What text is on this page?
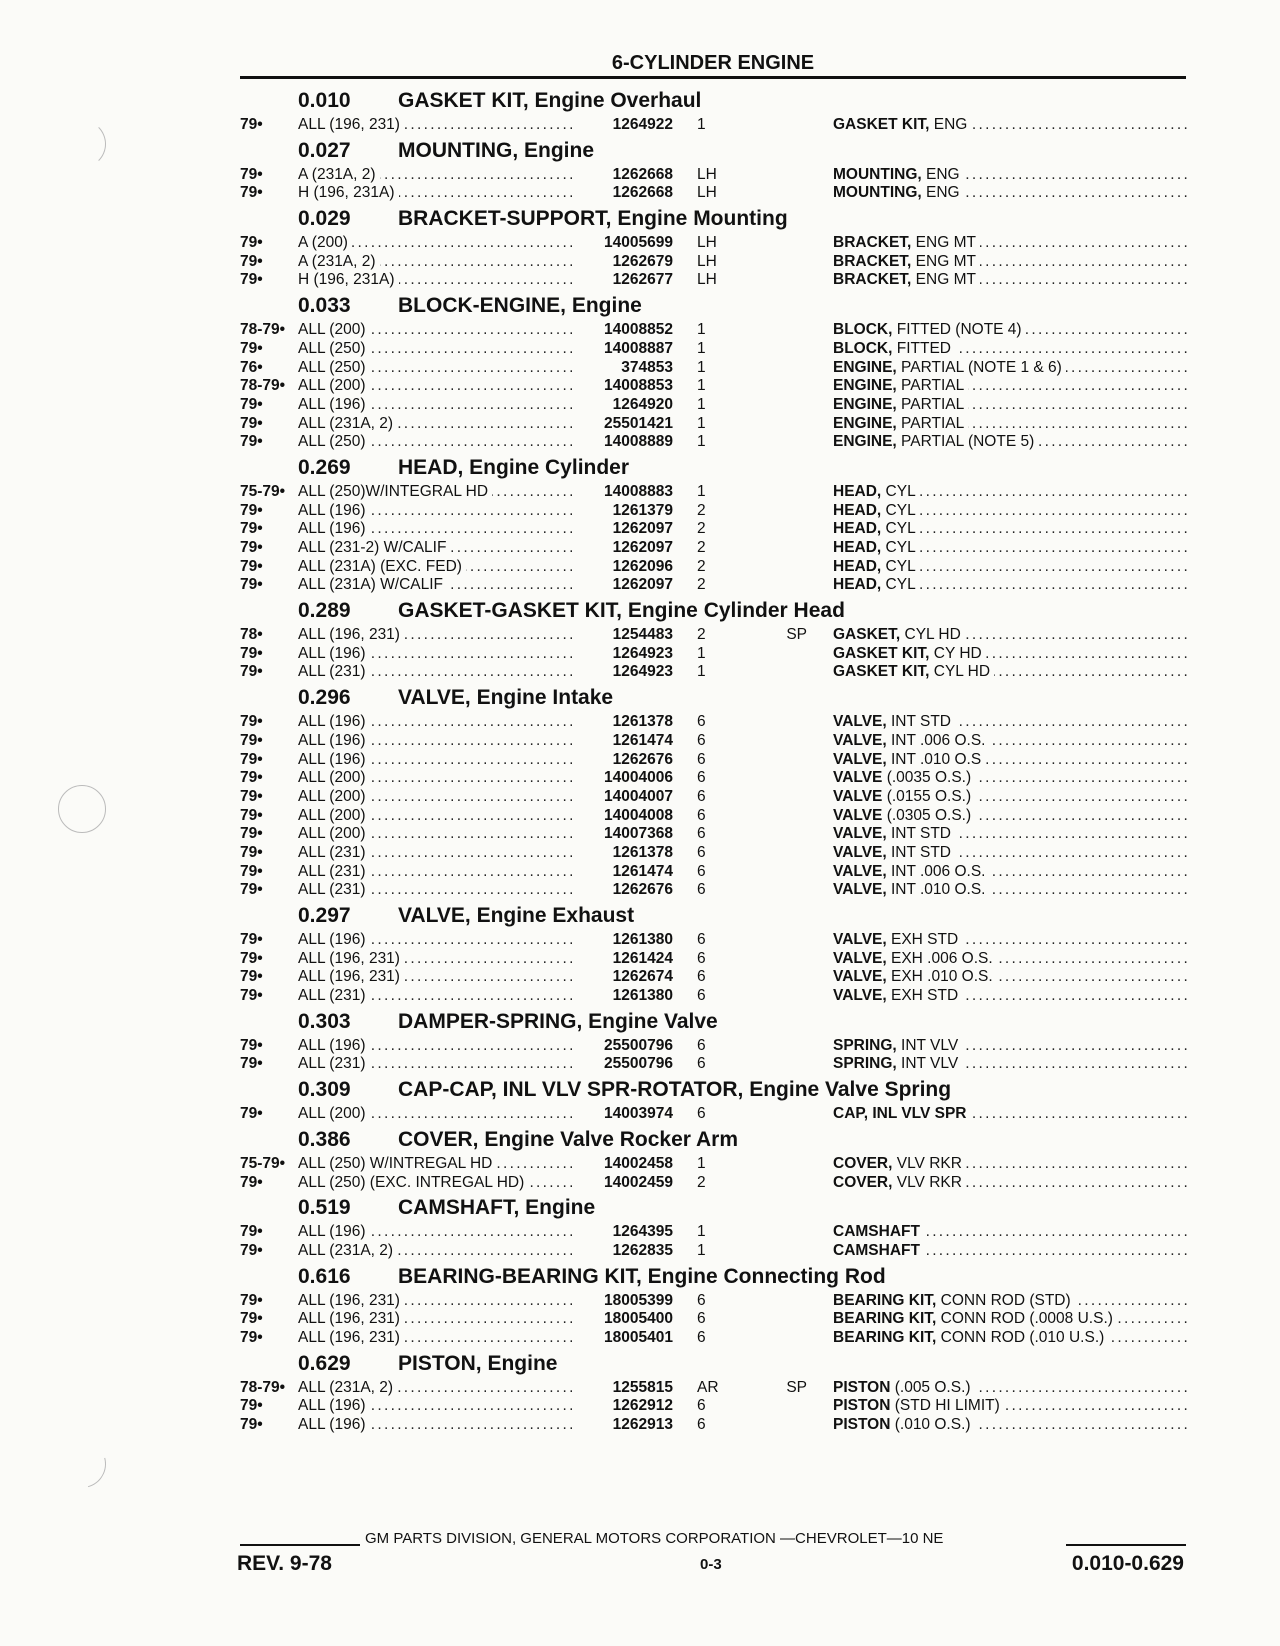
6-CYLINDER ENGINE
0.010	GASKET KIT, Engine Overhaul
79•	ALL (196, 231) . . .	1264922	1	GASKET KIT, ENG . . .
0.027	MOUNTING, Engine
79•	A (231A, 2) . . .	1262668	LH	MOUNTING, ENG . . .
79•	H (196, 231A) . . .	1262668	LH	MOUNTING, ENG . . .
0.029	BRACKET-SUPPORT, Engine Mounting
79•	A (200) . . .	14005699	LH	BRACKET, ENG MT . . .
79•	A (231A, 2) . . .	1262679	LH	BRACKET, ENG MT . . .
79•	H (196, 231A) . . .	1262677	LH	BRACKET, ENG MT . . .
0.033	BLOCK-ENGINE, Engine
78-79• ALL (200) . . .	14008852	1	BLOCK, FITTED (NOTE 4) . . .
79•	ALL (250) . . .	14008887	1	BLOCK, FITTED . . .
76•	ALL (250) . . .	374853	1	ENGINE, PARTIAL (NOTE 1 & 6) . . .
78-79• ALL (200) . . .	14008853	1	ENGINE, PARTIAL . . .
79•	ALL (196) . . .	1264920	1	ENGINE, PARTIAL . . .
79•	ALL (231A, 2) . . .	25501421	1	ENGINE, PARTIAL . . .
79•	ALL (250) . . .	14008889	1	ENGINE, PARTIAL (NOTE 5) . . .
0.269	HEAD, Engine Cylinder
75-79• ALL (250)W/INTEGRAL HD . . .	14008883	1	HEAD, CYL . . .
79•	ALL (196) . . .	1261379	2	HEAD, CYL . . .
79•	ALL (196) . . .	1262097	2	HEAD, CYL . . .
79•	ALL (231-2) W/CALIF . . .	1262097	2	HEAD, CYL . . .
79•	ALL (231A) (EXC. FED) . . .	1262096	2	HEAD, CYL . . .
79•	ALL (231A) W/CALIF . . .	1262097	2	HEAD, CYL . . .
0.289	GASKET-GASKET KIT, Engine Cylinder Head
78•	ALL (196, 231) . . .	1254483	2	SP	GASKET, CYL HD . . .
79•	ALL (196) . . .	1264923	1	GASKET KIT, CY HD . . .
79•	ALL (231) . . .	1264923	1	GASKET KIT, CYL HD . . .
0.296	VALVE, Engine Intake
79•	ALL (196) . . .	1261378	6	VALVE, INT STD . . .
79•	ALL (196) . . .	1261474	6	VALVE, INT .006 O.S. . . .
79•	ALL (196) . . .	1262676	6	VALVE, INT .010 O.S . . .
79•	ALL (200) . . .	14004006	6	VALVE (.0035 O.S.) . . .
79•	ALL (200) . . .	14004007	6	VALVE (.0155 O.S.) . . .
79•	ALL (200) . . .	14004008	6	VALVE (.0305 O.S.) . . .
79•	ALL (200) . . .	14007368	6	VALVE, INT STD . . .
79•	ALL (231) . . .	1261378	6	VALVE, INT STD . . .
79•	ALL (231) . . .	1261474	6	VALVE, INT .006 O.S. . . .
79•	ALL (231) . . .	1262676	6	VALVE, INT .010 O.S. . . .
0.297	VALVE, Engine Exhaust
79•	ALL (196) . . .	1261380	6	VALVE, EXH STD . . .
79•	ALL (196, 231) . . .	1261424	6	VALVE, EXH .006 O.S. . . .
79•	ALL (196, 231) . . .	1262674	6	VALVE, EXH .010 O.S. . . .
79•	ALL (231) . . .	1261380	6	VALVE, EXH STD . . .
0.303	DAMPER-SPRING, Engine Valve
79•	ALL (196) . . .	25500796	6	SPRING, INT VLV . . .
79•	ALL (231) . . .	25500796	6	SPRING, INT VLV . . .
0.309	CAP-CAP, INL VLV SPR-ROTATOR, Engine Valve Spring
79•	ALL (200) . . .	14003974	6	CAP, INL VLV SPR . . .
0.386	COVER, Engine Valve Rocker Arm
75-79• ALL (250) W/INTREGAL HD . . .	14002458	1	COVER, VLV RKR . . .
79•	ALL (250) (EXC. INTREGAL HD) . . .	14002459	2	COVER, VLV RKR . . .
0.519	CAMSHAFT, Engine
79•	ALL (196) . . .	1264395	1	CAMSHAFT . . .
79•	ALL (231A, 2) . . .	1262835	1	CAMSHAFT . . .
0.616	BEARING-BEARING KIT, Engine Connecting Rod
79•	ALL (196, 231) . . .	18005399	6	BEARING KIT, CONN ROD (STD) . . .
79•	ALL (196, 231) . . .	18005400	6	BEARING KIT, CONN ROD (.0008 U.S.) . . .
79•	ALL (196, 231) . . .	18005401	6	BEARING KIT, CONN ROD (.010 U.S.) . . .
0.629	PISTON, Engine
78-79• ALL (231A, 2) . . .	1255815	AR	SP	PISTON (.005 O.S.) . . .
79•	ALL (196) . . .	1262912	6	PISTON (STD HI LIMIT) . . .
79•	ALL (196) . . .	1262913	6	PISTON (.010 O.S.) . . .
GM PARTS DIVISION, GENERAL MOTORS CORPORATION —CHEVROLET—10 NE
REV. 9-78	0-3	0.010-0.629
